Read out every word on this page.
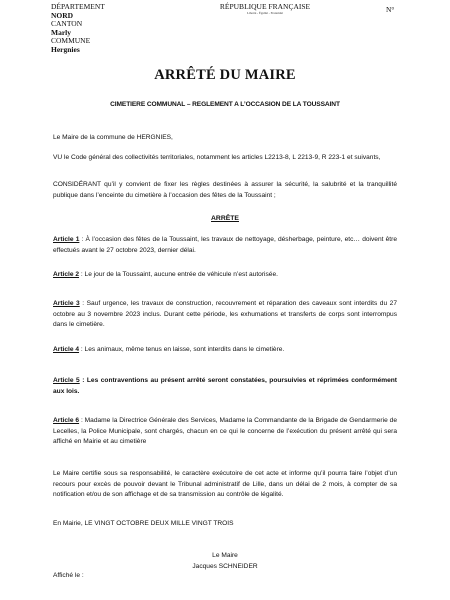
DÉPARTEMENT
NORD
CANTON
Marly
COMMUNE
Hergnies
RÉPUBLIQUE FRANÇAISE
Liberté - Égalité - Fraternité	N°
ARRÊTÉ DU MAIRE
CIMETIERE COMMUNAL – REGLEMENT A L’OCCASION DE LA TOUSSAINT
Le Maire de la commune de HERGNIES,
VU le Code général des collectivités territoriales, notamment les articles L2213-8, L 2213-9, R 223-1 et suivants,
CONSIDÉRANT qu’il y convient de fixer les règles destinées à assurer la sécurité, la salubrité et la tranquillité publique dans l’enceinte du cimetière à l’occasion des fêtes de la Toussaint ;
ARRÊTE
Article 1 : À l’occasion des fêtes de la Toussaint, les travaux de nettoyage, désherbage, peinture, etc… doivent être effectués avant le 27 octobre 2023, dernier délai.
Article 2 : Le jour de la Toussaint, aucune entrée de véhicule n’est autorisée.
Article 3 : Sauf urgence, les travaux de construction, recouvrement et réparation des caveaux sont interdits du 27 octobre au 3 novembre 2023 inclus. Durant cette période, les exhumations et transferts de corps sont interrompus dans le cimetière.
Article 4 : Les animaux, même tenus en laisse, sont interdits dans le cimetière.
Article 5 : Les contraventions au présent arrêté seront constatées, poursuivies et réprimées conformément aux lois.
Article 6 : Madame la Directrice Générale des Services, Madame la Commandante de la Brigade de Gendarmerie de Lecelles, la Police Municipale, sont chargés, chacun en ce qui le concerne de l’exécution du présent arrêté qui sera affiché en Mairie et au cimetière
Le Maire certifie sous sa responsabilité, le caractère exécutoire de cet acte et informe qu’il pourra faire l’objet d’un recours pour excès de pouvoir devant le Tribunal administratif de Lille, dans un délai de 2 mois, à compter de sa notification et/ou de son affichage et de sa transmission au contrôle de légalité.
En Mairie, LE VINGT OCTOBRE DEUX MILLE VINGT TROIS
Le Maire
Jacques SCHNEIDER
Affiché le :
